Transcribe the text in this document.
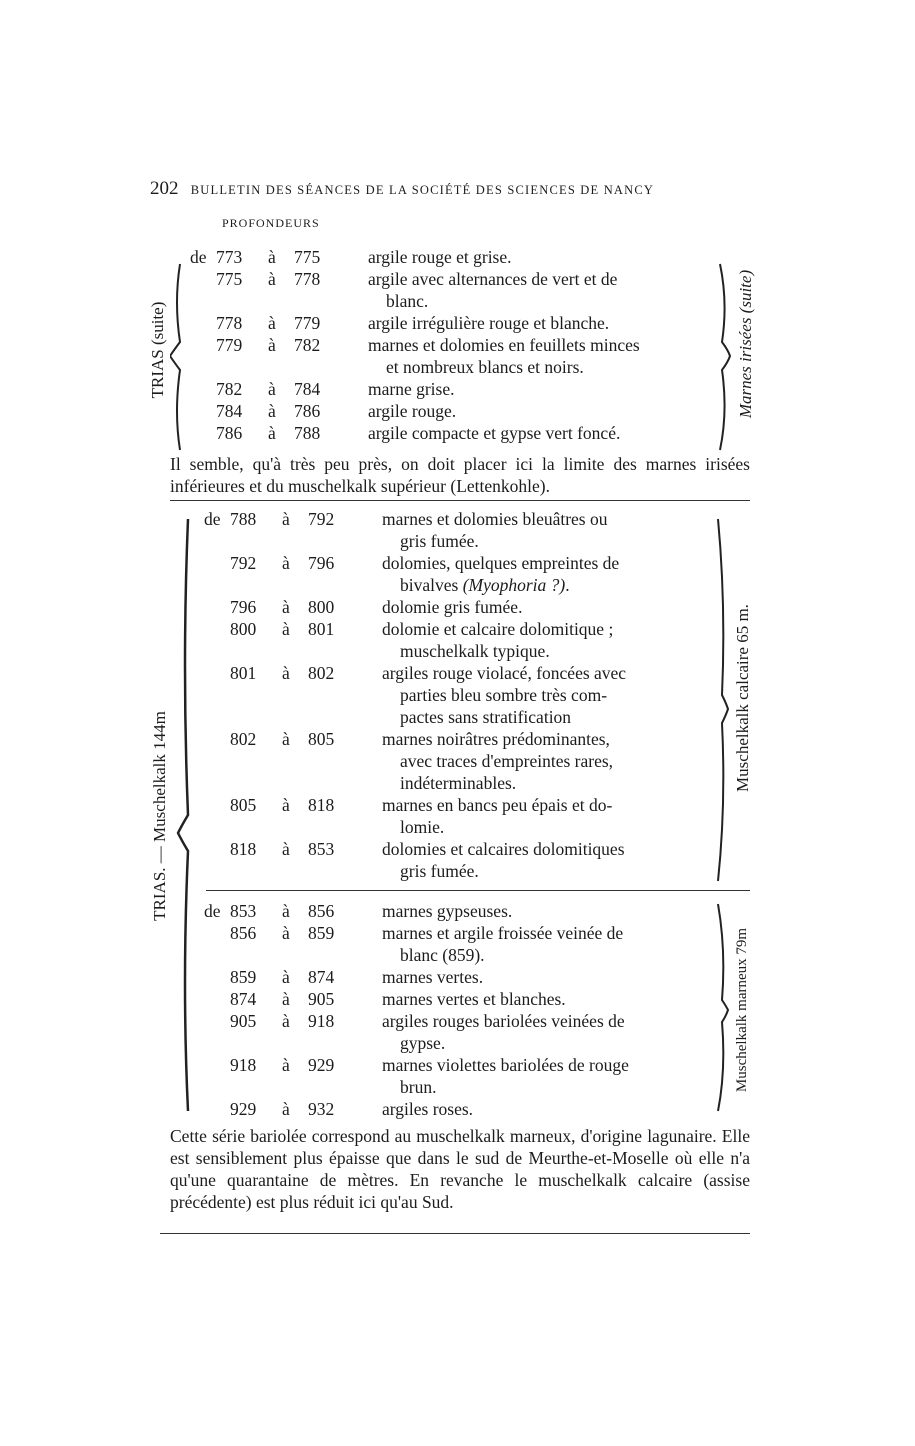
202 BULLETIN DES SÉANCES DE LA SOCIÉTÉ DES SCIENCES DE NANCY
PROFONDEURS
TRIAS (suite)	Marnes irisées (suite)
Il semble, qu'à très peu près, on doit placer ici la limite des marnes irisées inférieures et du muschelkalk supérieur (Lettenkohle).
TRIAS. — Muschelkalk 144m
Muschelkalk calcaire 65 m.
Muschelkalk marneux 79m
Cette série bariolée correspond au muschelkalk marneux, d'origine lagunaire. Elle est sensiblement plus épaisse que dans le sud de Meurthe-et-Moselle où elle n'a qu'une quarantaine de mètres. En revanche le muschelkalk calcaire (assise précédente) est plus réduit ici qu'au Sud.
de 773	à	775	argile rouge et grise.
775	à	778	argile avec alternances de vert et de
blanc.
778	à	779	argile irrégulière rouge et blanche.
779	à	782	marnes et dolomies en feuillets minces
et nombreux blancs et noirs.
782	à	784	marne grise.
784	à	786	argile rouge.
786	à	788	argile compacte et gypse vert foncé.
de 788	à	792	marnes et dolomies bleuâtres ou
gris fumée.
792	à	796	dolomies, quelques empreintes de
bivalves (Myophoria ?).
796	à	800	dolomie gris fumée.
800	à	801	dolomie et calcaire dolomitique ;
muschelkalk typique.
801	à	802	argiles rouge violacé, foncées avec
parties bleu sombre très com-
pactes sans stratification
802	à	805	marnes noirâtres prédominantes,
avec traces d'empreintes rares,
indéterminables.
805	à	818	marnes en bancs peu épais et do-
lomie.
818	à	853	dolomies et calcaires dolomitiques
gris fumée.
de 853	à	856	marnes gypseuses.
856	à	859	marnes et argile froissée veinée de
blanc (859).
859	à	874	marnes vertes.
874	à	905	marnes vertes et blanches.
905	à	918	argiles rouges bariolées veinées de
gypse.
918	à	929	marnes violettes bariolées de rouge
brun.
929	à	932	argiles roses.
